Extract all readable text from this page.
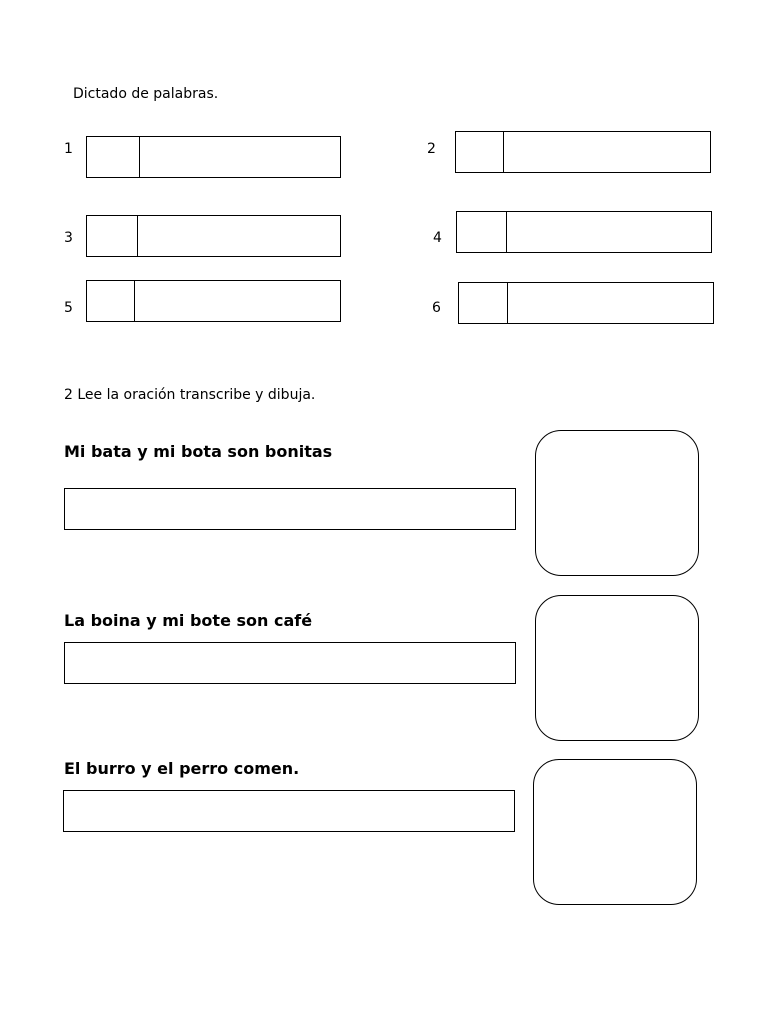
Dictado de palabras.
1	2
3	4
5	6
2 Lee la oración transcribe y dibuja.
Mi bata y mi bota son bonitas
La boina y mi bote son café
El burro y el perro comen.
